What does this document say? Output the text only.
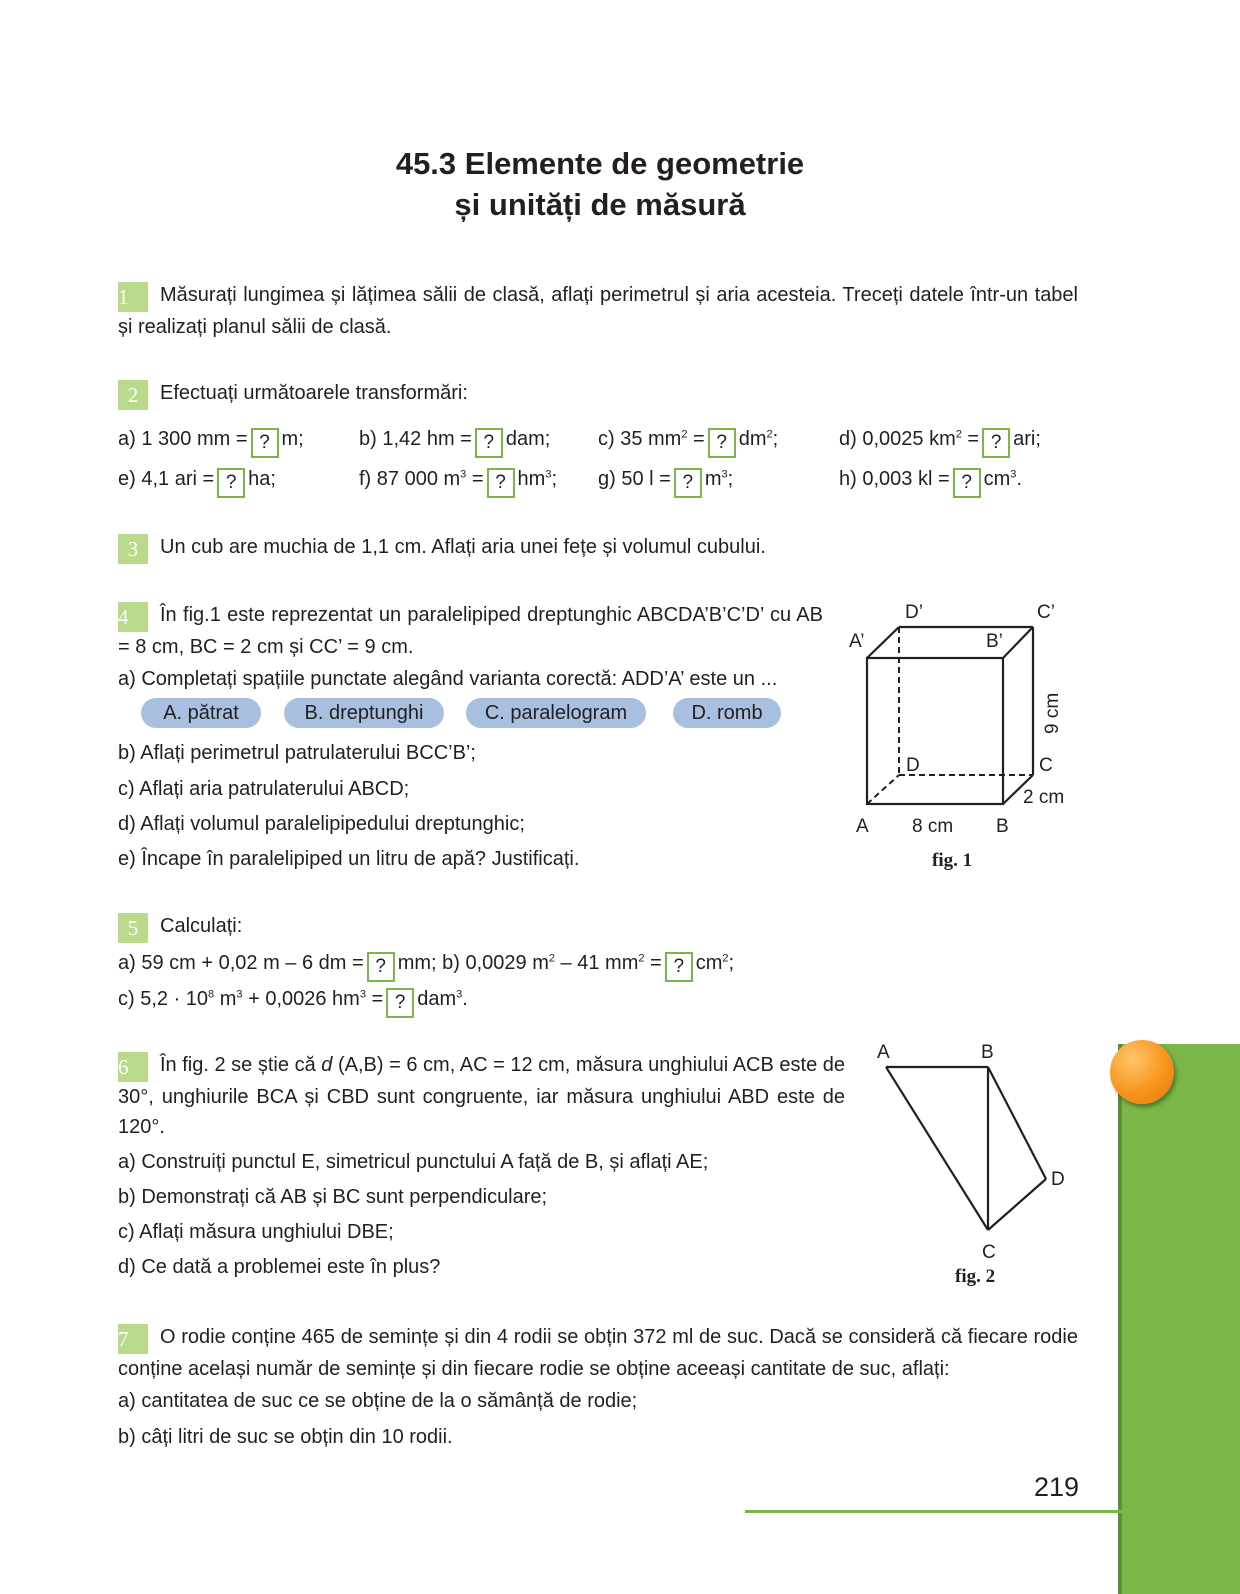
45.3 Elemente de geometrie
și unități de măsură
1 Măsurați lungimea și lățimea sălii de clasă, aflați perimetrul și aria acesteia. Treceți datele într-un tabel și realizați planul sălii de clasă.
2 Efectuați următoarele transformări:
a) 1 300 mm = ? m;	b) 1,42 hm = ? dam; c) 35 $mm^2$ = ? $dm^2$;	d) 0,0025 $km^2$ = ? ari;
e) 4,1 ari = ? ha;	f) 87 000 $m^3$ = ? $hm^3$; g) 50 l = ? $m^3$;	h) 0,003 kl = ? $cm^3$.
3 Un cub are muchia de 1,1 cm. Aflați aria unei fețe și volumul cubului.
4 În fig.1 este reprezentat un paralelipiped dreptunghic ABCDA’B’C’D’ cu AB = 8 cm, BC = 2 cm și CC’ = 9 cm.
a) Completați spațiile punctate alegând varianta corectă: ADD’A’ este un ...
A. pătrat	B. dreptunghi	C. paralelogram	D. romb
b) Aflați perimetrul patrulaterului BCC’B’;
c) Aflați aria patrulaterului ABCD;
d) Aflați volumul paralelipipedului dreptunghic;
e) Încape în paralelipiped un litru de apă? Justificați.
D’	C’
A’	B’
D	C
A	B
8 cm
2 cm
9 cm
fig. 1
5 Calculați:
a) 59 cm + 0,02 m – 6 dm = ? mm; b) 0,0029 $m^2 - 41$ $mm^2$ = ? $cm^2$;
c) $5,2 \cdot 10^8$ $m^3 + 0,0026$ $hm^3$ = ? dam$^3$.
6 În fig. 2 se știe că d (A,B) = 6 cm, AC = 12 cm, măsura unghiului ACB este de 30°, unghiurile BCA și CBD sunt congruente, iar măsura unghiului ABD este de 120°.
a) Construiți punctul E, simetricul punctului A față de B, și aflați AE;
b) Demonstrați că AB și BC sunt perpendiculare;
c) Aflați măsura unghiului DBE;
d) Ce dată a problemei este în plus?
A	B
D
C
fig. 2
7 O rodie conține 465 de semințe și din 4 rodii se obțin 372 ml de suc. Dacă se consideră că fiecare rodie conține același număr de semințe și din fiecare rodie se obține aceeași cantitate de suc, aflați:
a) cantitatea de suc ce se obține de la o sămânță de rodie;
b) câți litri de suc se obțin din 10 rodii.
219
